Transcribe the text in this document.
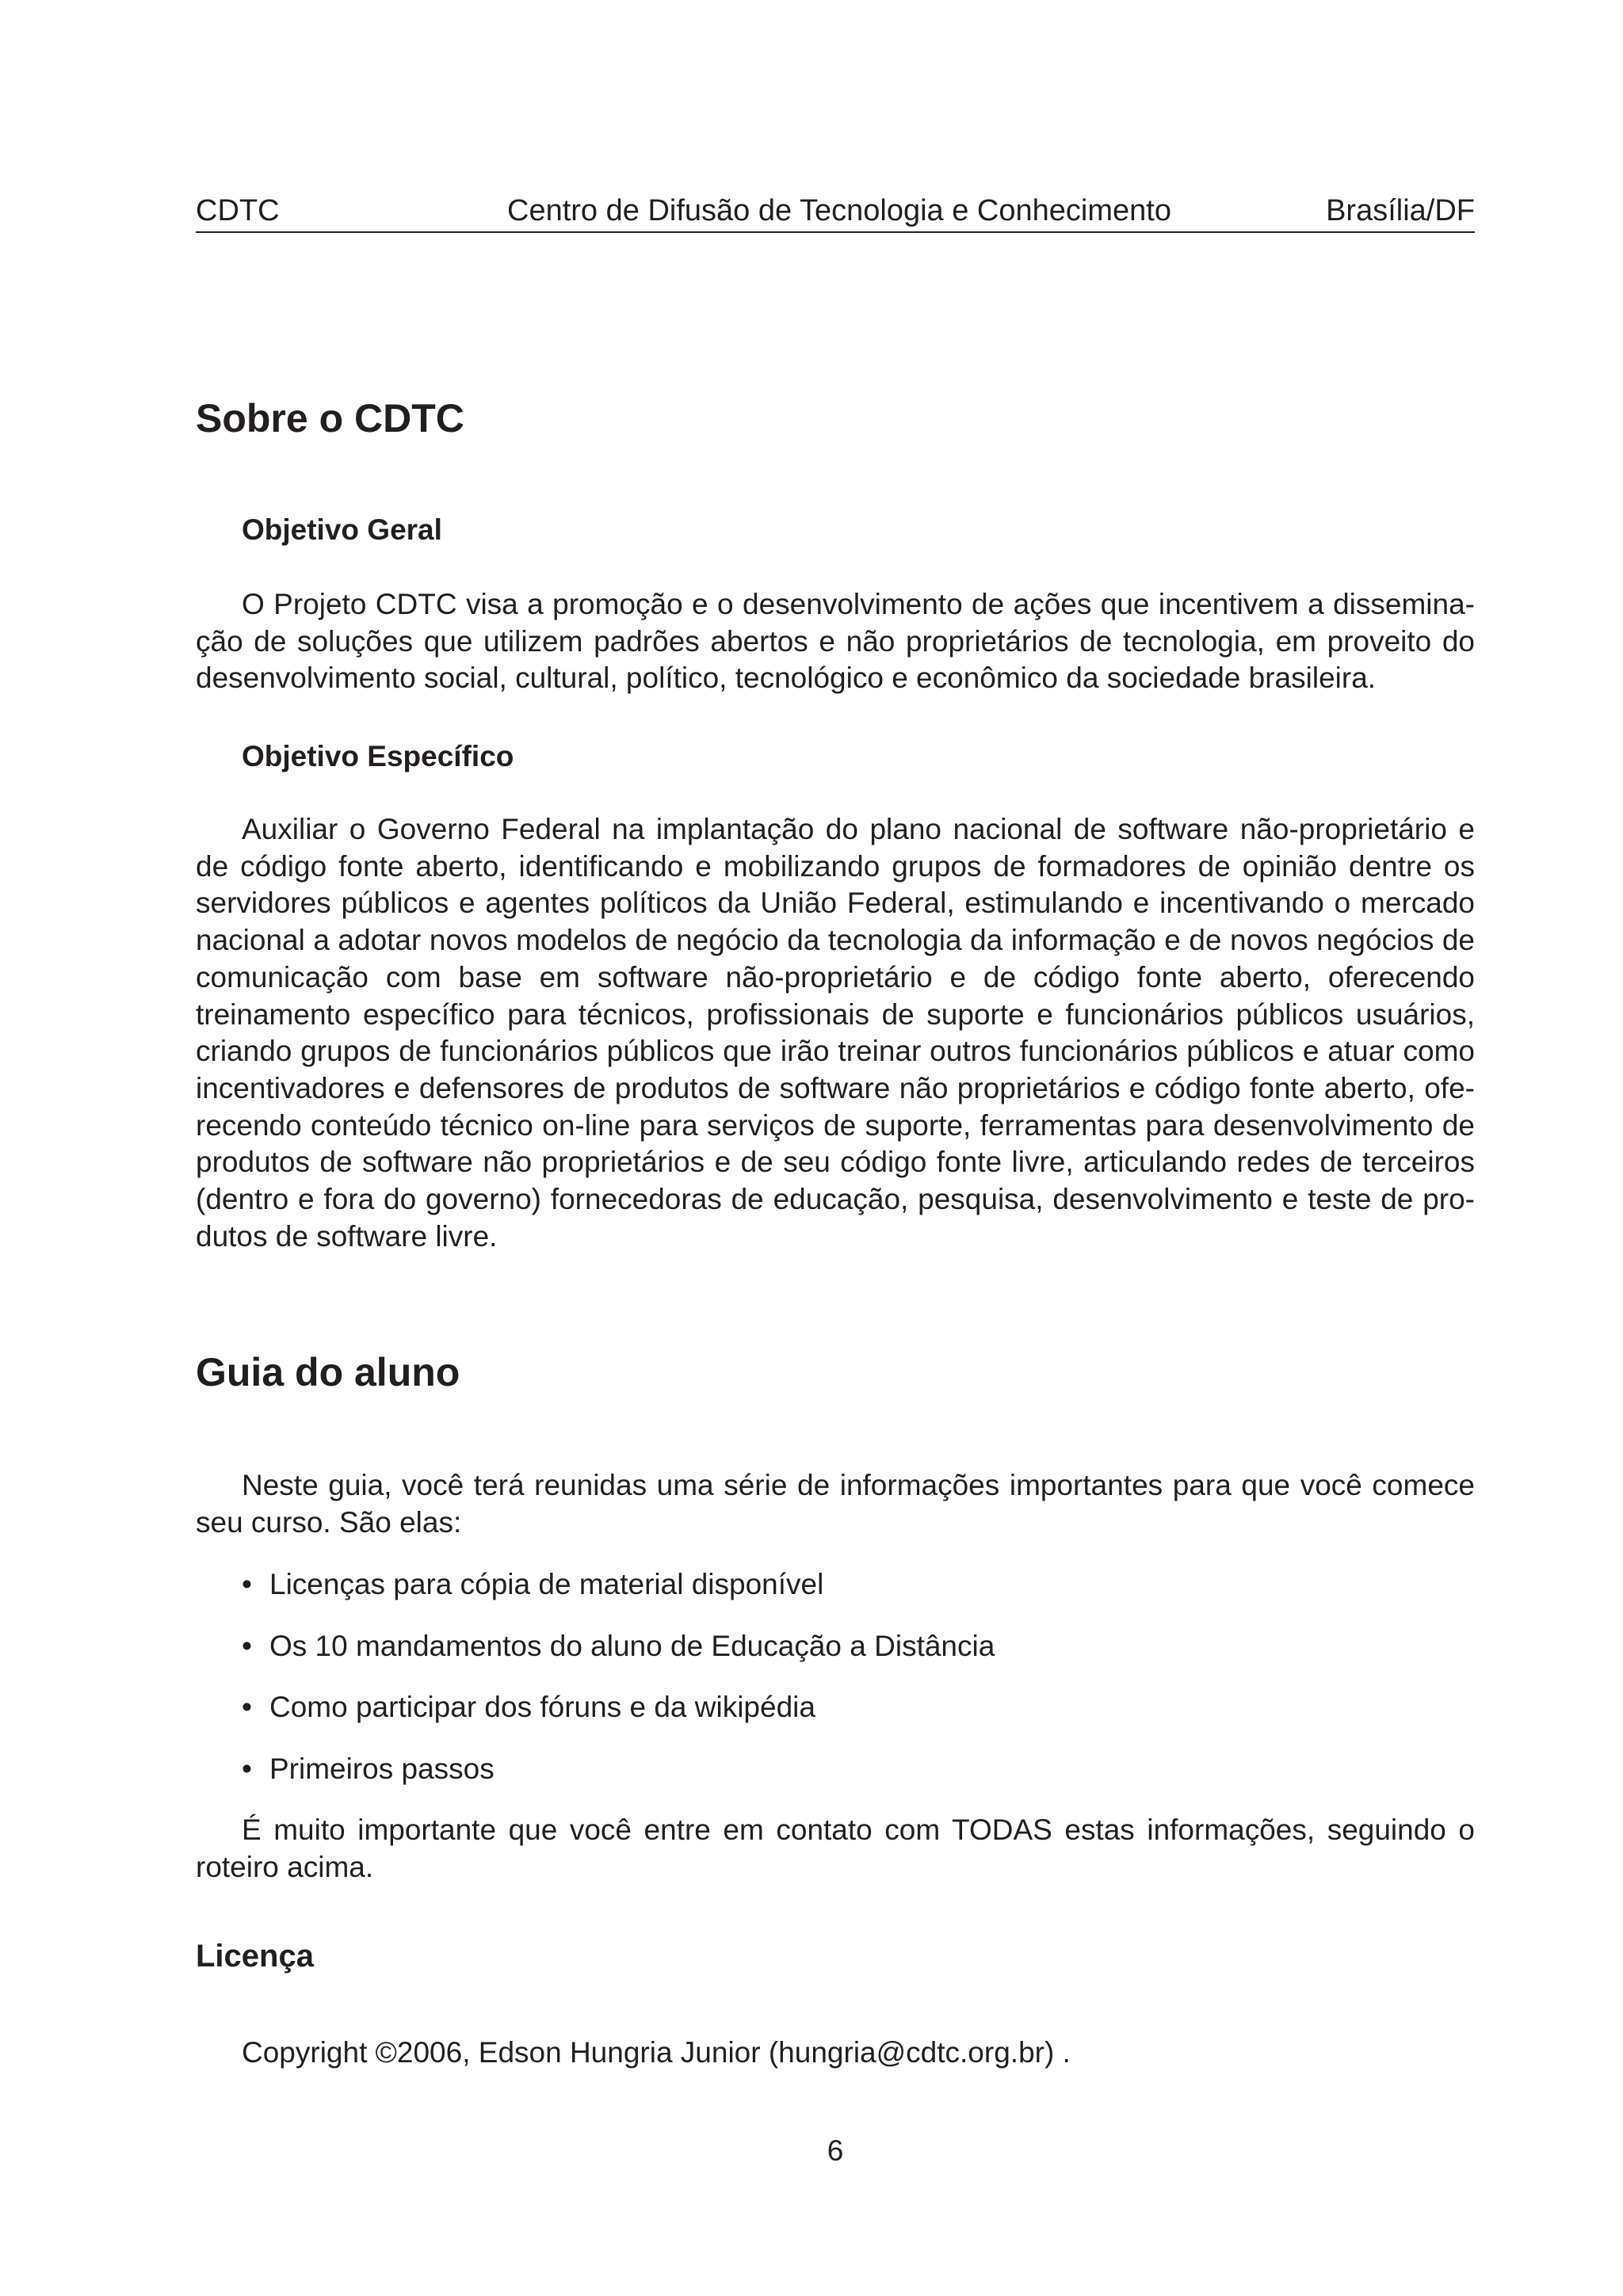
CDTC	Centro de Difusão de Tecnologia e Conhecimento	Brasília/DF
Sobre o CDTC
Objetivo Geral

O Projeto CDTC visa a promoção e o desenvolvimento de ações que incentivem a disseminação de soluções que utilizem padrões abertos e não proprietários de tecnologia, em proveito do desenvolvimento social, cultural, político, tecnológico e econômico da sociedade brasileira.

Objetivo Específico

Auxiliar o Governo Federal na implantação do plano nacional de software não-proprietário e de código fonte aberto, identificando e mobilizando grupos de formadores de opinião dentre os servidores públicos e agentes políticos da União Federal, estimulando e incentivando o mercado nacional a adotar novos modelos de negócio da tecnologia da informação e de novos negócios de comunicação com base em software não-proprietário e de código fonte aberto, oferecendo treinamento específico para técnicos, profissionais de suporte e funcionários públicos usuários, criando grupos de funcionários públicos que irão treinar outros funcionários públicos e atuar como incentivadores e defensores de produtos de software não proprietários e código fonte aberto, oferecendo conteúdo técnico on-line para serviços de suporte, ferramentas para desenvolvimento de produtos de software não proprietários e de seu código fonte livre, articulando redes de terceiros (dentro e fora do governo) fornecedoras de educação, pesquisa, desenvolvimento e teste de produtos de software livre.

Guia do aluno

Neste guia, você terá reunidas uma série de informações importantes para que você comece seu curso. São elas:

• Licenças para cópia de material disponível
• Os 10 mandamentos do aluno de Educação a Distância
• Como participar dos fóruns e da wikipédia
• Primeiros passos

É muito importante que você entre em contato com TODAS estas informações, seguindo o roteiro acima.

Licença

Copyright ©2006, Edson Hungria Junior (hungria@cdtc.org.br) .

6
